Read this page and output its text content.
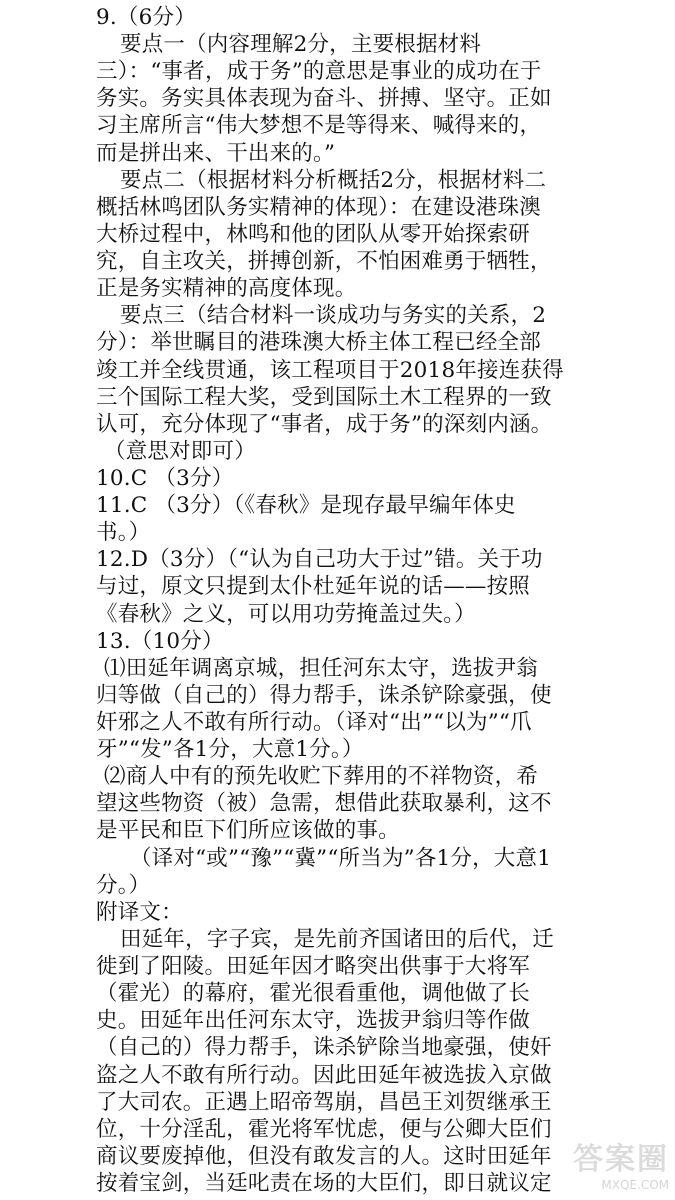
9.（6分）
要点一（内容理解2分，主要根据材料
三）：“事者，成于务”的意思是事业的成功在于
务实。务实具体表现为奋斗、拼搏、坚守。正如
习主席所言“伟大梦想不是等得来、喊得来的，
而是拼出来、干出来的。”
要点二（根据材料分析概括2分，根据材料二
概括林鸣团队务实精神的体现）：在建设港珠澳
大桥过程中，林鸣和他的团队从零开始探索研
究，自主攻关，拼搏创新，不怕困难勇于牺牲，
正是务实精神的高度体现。
要点三（结合材料一谈成功与务实的关系，2
分）：举世瞩目的港珠澳大桥主体工程已经全部
竣工并全线贯通，该工程项目于2018年接连获得
三个国际工程大奖，受到国际土木工程界的一致
认可，充分体现了“事者，成于务”的深刻内涵。
（意思对即可）
10.C （3分）
11.C （3分）（《春秋》是现存最早编年体史
书。）
12.D（3分）（“认为自己功大于过”错。关于功
与过，原文只提到太仆杜延年说的话——按照
《春秋》之义，可以用功劳掩盖过失。）
13.（10分）
⑴田延年调离京城，担任河东太守，选拔尹翁
归等做（自己的）得力帮手，诛杀铲除豪强，使
奸邪之人不敢有所行动。（译对“出”“以为”“爪
牙”“发”各1分，大意1分。）
⑵商人中有的预先收贮下葬用的不祥物资，希
望这些物资（被）急需，想借此获取暴利，这不
是平民和臣下们所应该做的事。
（译对“或”“豫”“冀”“所当为”各1分，大意1
分。）
附译文：
田延年，字子宾，是先前齐国诸田的后代，迁
徙到了阳陵。田延年因才略突出供事于大将军
（霍光）的幕府，霍光很看重他，调他做了长
史。田延年出任河东太守，选拔尹翁归等作做
（自己的）得力帮手，诛杀铲除当地豪强，使奸
盗之人不敢有所行动。因此田延年被选拔入京做
了大司农。正遇上昭帝驾崩，昌邑王刘贺继承王
位，十分淫乱，霍光将军忧虑，便与公卿大臣们
商议要废掉他，但没有敢发言的人。这时田延年
按着宝剑，当廷叱责在场的大臣们，即日就议定
答案圈
MXQE.COM
